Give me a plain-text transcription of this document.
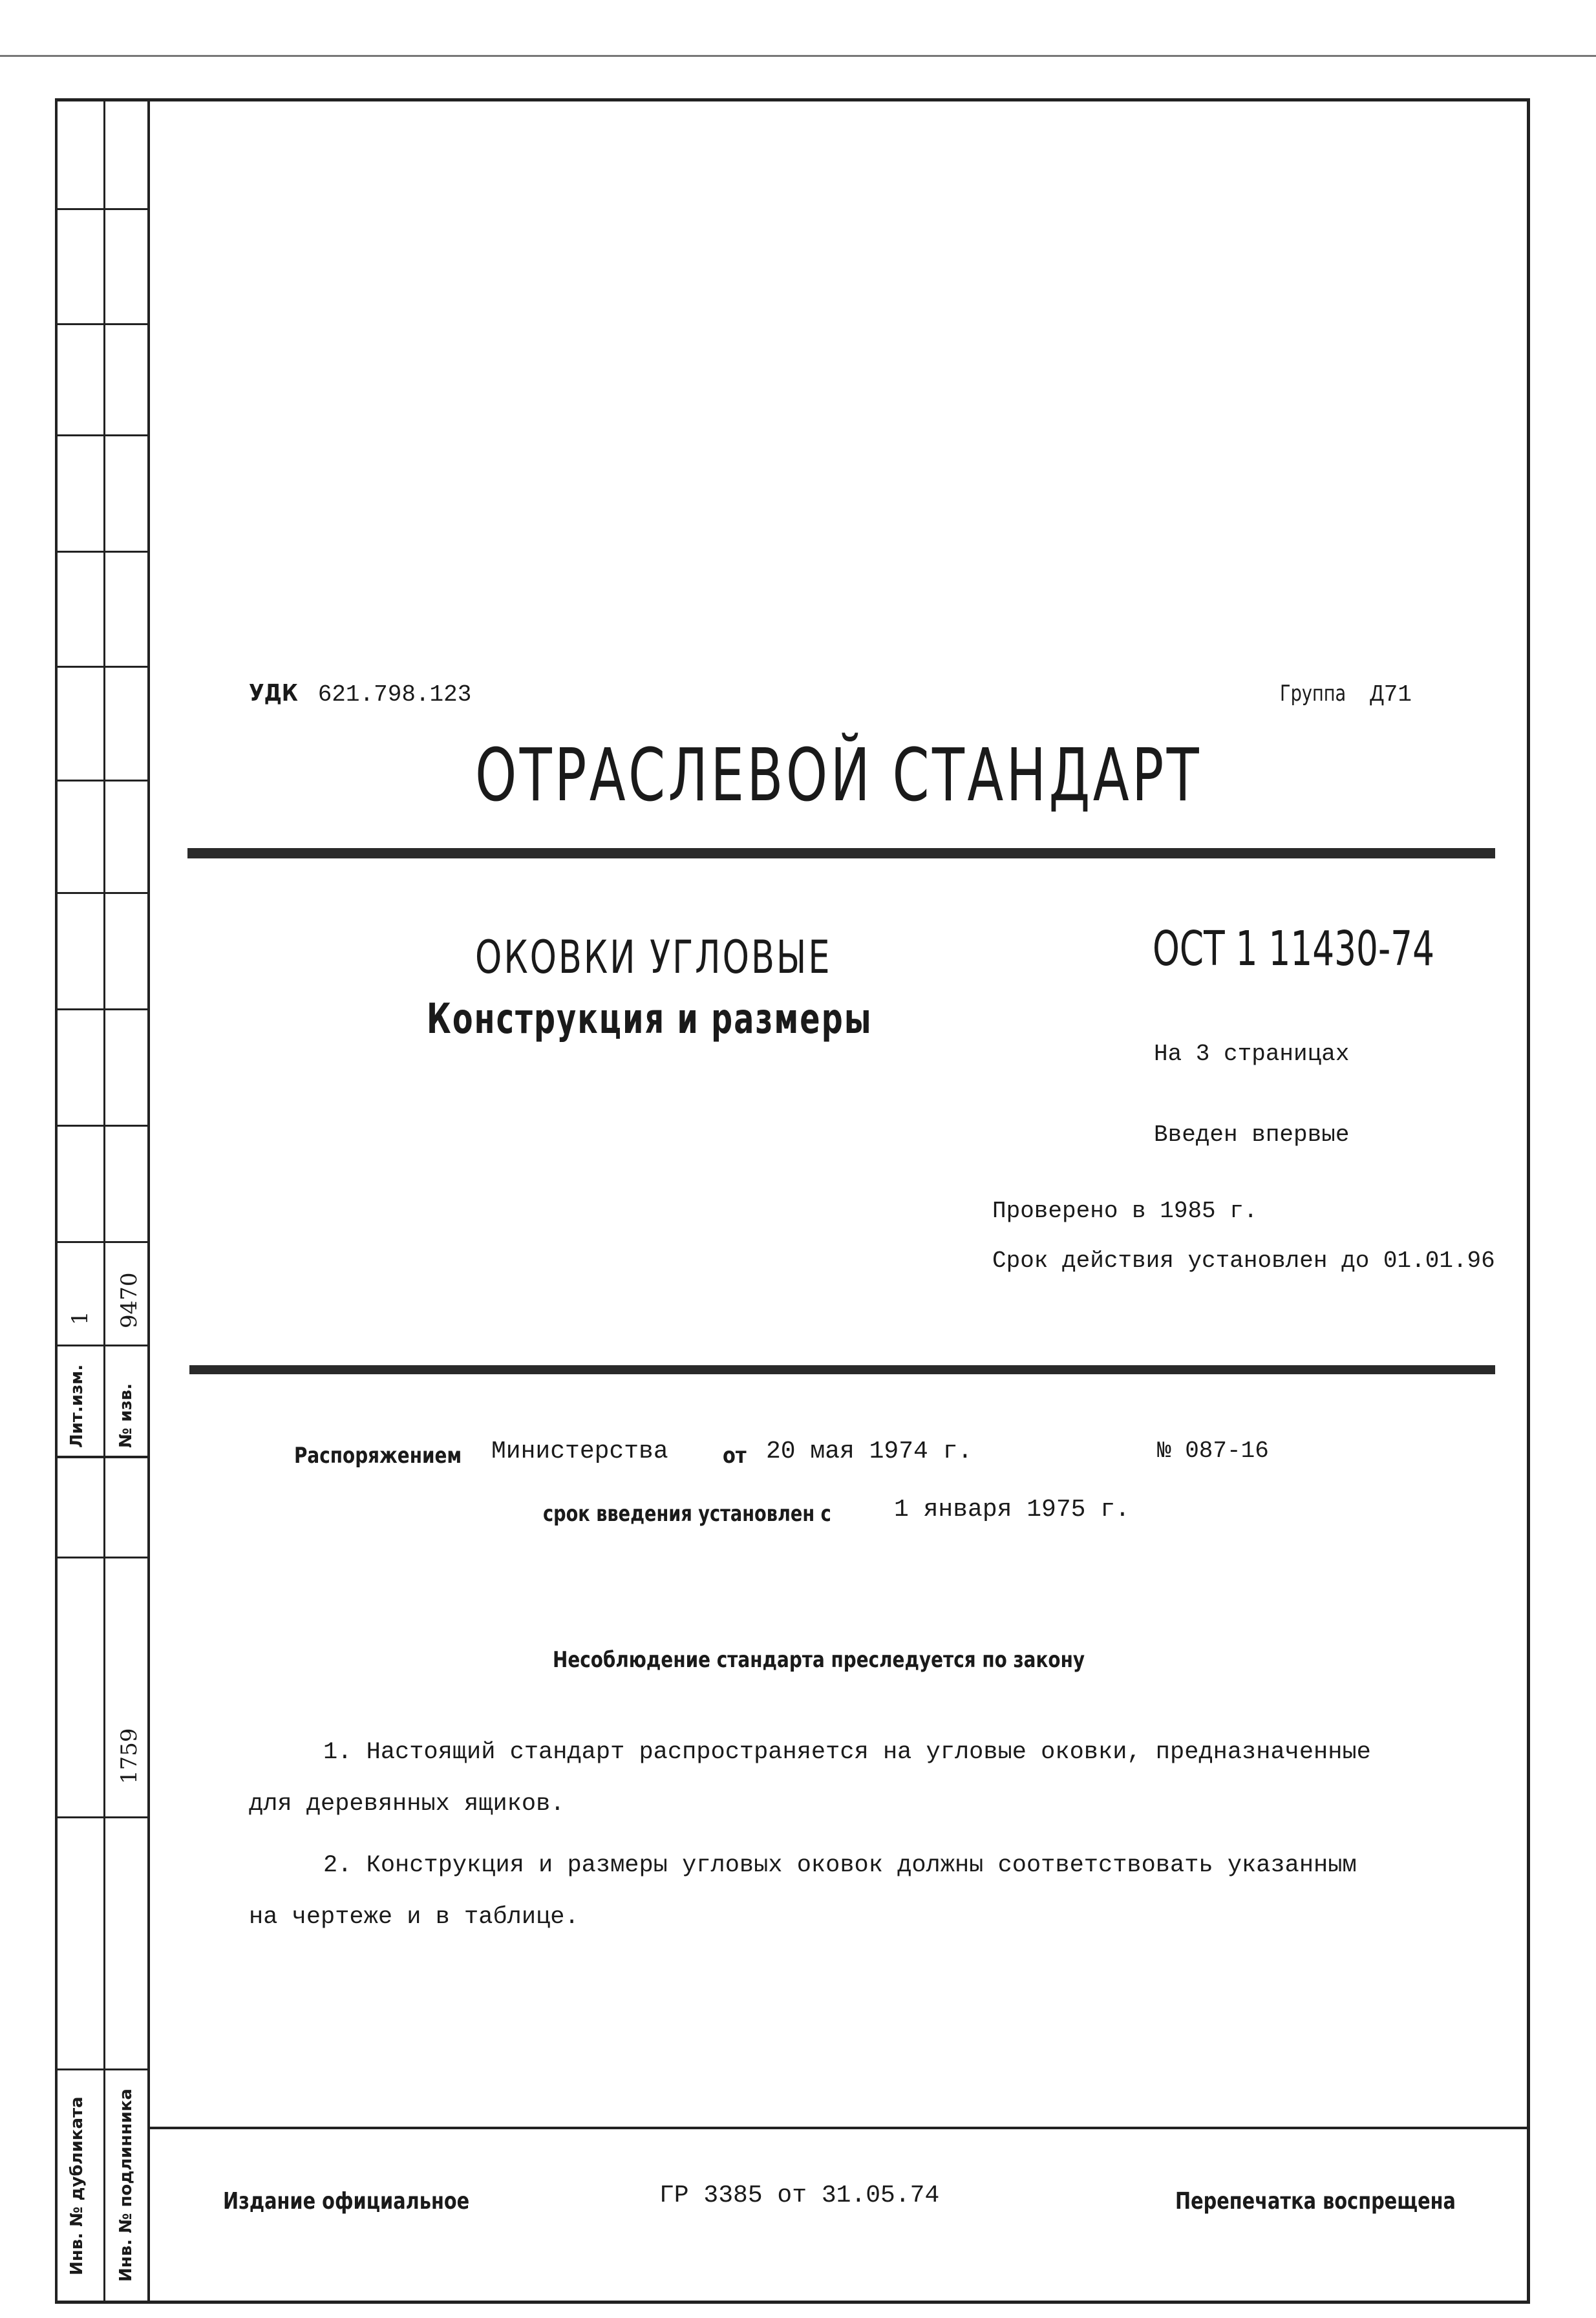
Лит.изм.
1
№ изв.
9470
1759
Инв. № дубликата Инв. № подлинника
УДК 621.798.123	Группа Д71
ОТРАСЛЕВОЙ СТАНДАРТ
ОКОВКИ УГЛОВЫЕ
Конструкция и размеры
ОСТ 1 11430-74
На 3 страницах
Введен впервые
Проверено в 1985 г.
Срок действия установлен до 01.01.96
Распоряжением	Министерства от 20 мая 1974 г.	№ 087-16
срок введения установлен с	1 января 1975 г.
Несоблюдение стандарта преследуется по закону
1. Настоящий стандарт распространяется на угловые оковки, предназначенные
для деревянных ящиков.
2. Конструкция и размеры угловых оковок должны соответствовать указанным
на чертеже и в таблице.
Издание официальное	ГР 3385 от 31.05.74	Перепечатка воспрещена
